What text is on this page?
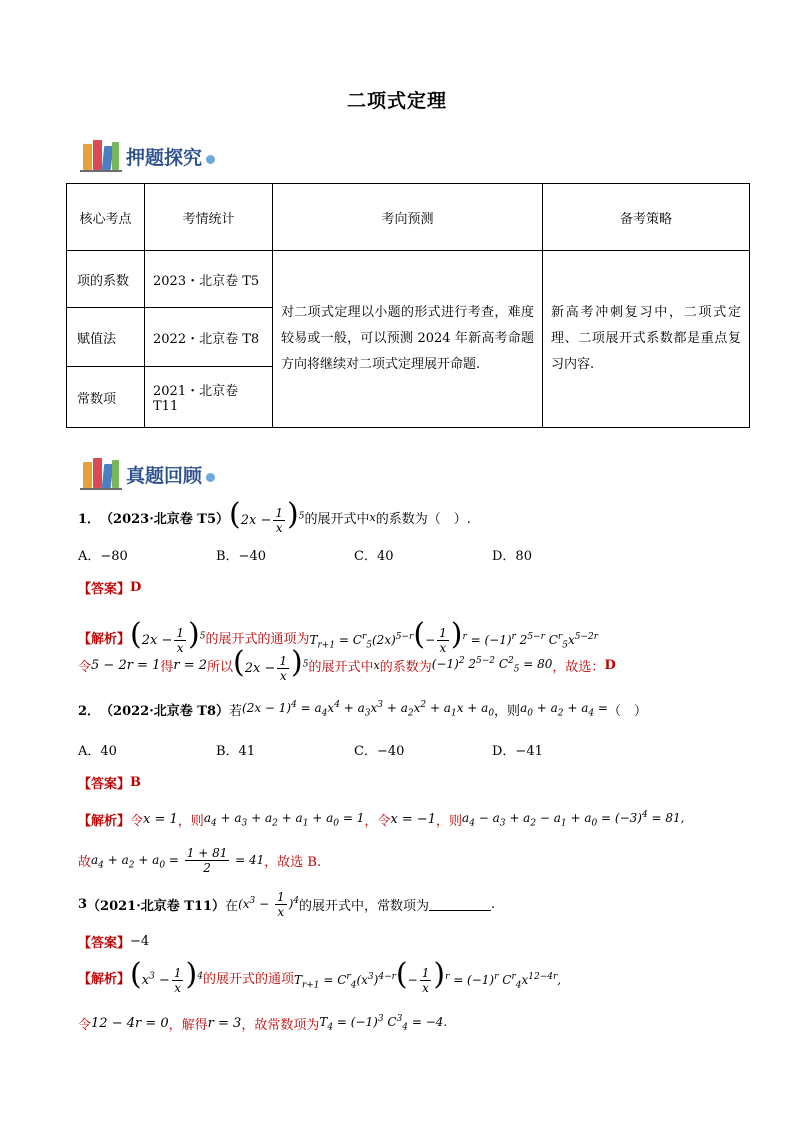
二项式定理
押题探究
核心考点	考情统计	考向预测	备考策略
项的系数	2023・北京卷 T5	对二项式定理以小题的形式进行考查，难度较易或一般，可以预测 2024 年新高考命题方向将继续对二项式定理展开命题.	新高考冲刺复习中，二项式定理、二项展开式系数都是重点复习内容.
赋值法	2022・北京卷 T8		
常数项	2021・北京卷 T11		
真题回顾
1． （2023·北京卷 T5） $(2x - \frac{1}{x} )^5$ 的展开式中 x 的系数为（　）.
A．−80	B．−40	C．40	D．80
【答案】 D
【解析】 $(2x - \frac{1}{x} )^5$ 的展开式的通项为 $T_{r+1} = C^r_5(2x)^{5-r}(- \frac{1}{x} )^r = (-1)^r$ $2^{5-r}$ $C^r_5x^{5-2r}$
令 5 − 2r = 1 得 r = 2 所以 $(2x - \frac{1}{x} )^5$ 的展开式中 x 的系数为 $(-1)^2$ $2^{5-2}$ $C^2_5 = 80$ ，故选： D
2． （2022·北京卷 T8） 若 $(2x - 1)^4 = a_4x^4 + a_3x^3 + a_2x^2 + a_1x + a_0$ ，则 $a_0 + a_2 + a_4$ = （　）
A．40	B．41	C．−40	D．−41
【答案】 B
【解析】 令 x = 1 ，则 $a_4 + a_3 + a_2 + a_1 + a_0 = 1$ ，令 x = −1 ，则 $a_4 - a_3 + a_2 - a_1 + a_0 = (-3)^4 = 81$,
故 $a_4 + a_2 + a_0 = \frac{1 + 81}{2} = 41$ ，故选 B.
3 （2021·北京卷 T11） 在 $(x^3 - \frac{1}{x} )^4$ 的展开式中，常数项为	.
【答案】 −4
【解析】 $(x^3 - \frac{1}{x} )^4$ 的展开式的通项 $T_{r+1} = C^r_4(x^3)^{4-r}(- \frac{1}{x} )^r = (-1)^r$ $C^r_4x^{12-4r}$,
令 12 − 4r = 0 ，解得 r = 3 ，故常数项为 $T_4 = (-1)^3$ $C^3_4 = -4$.
